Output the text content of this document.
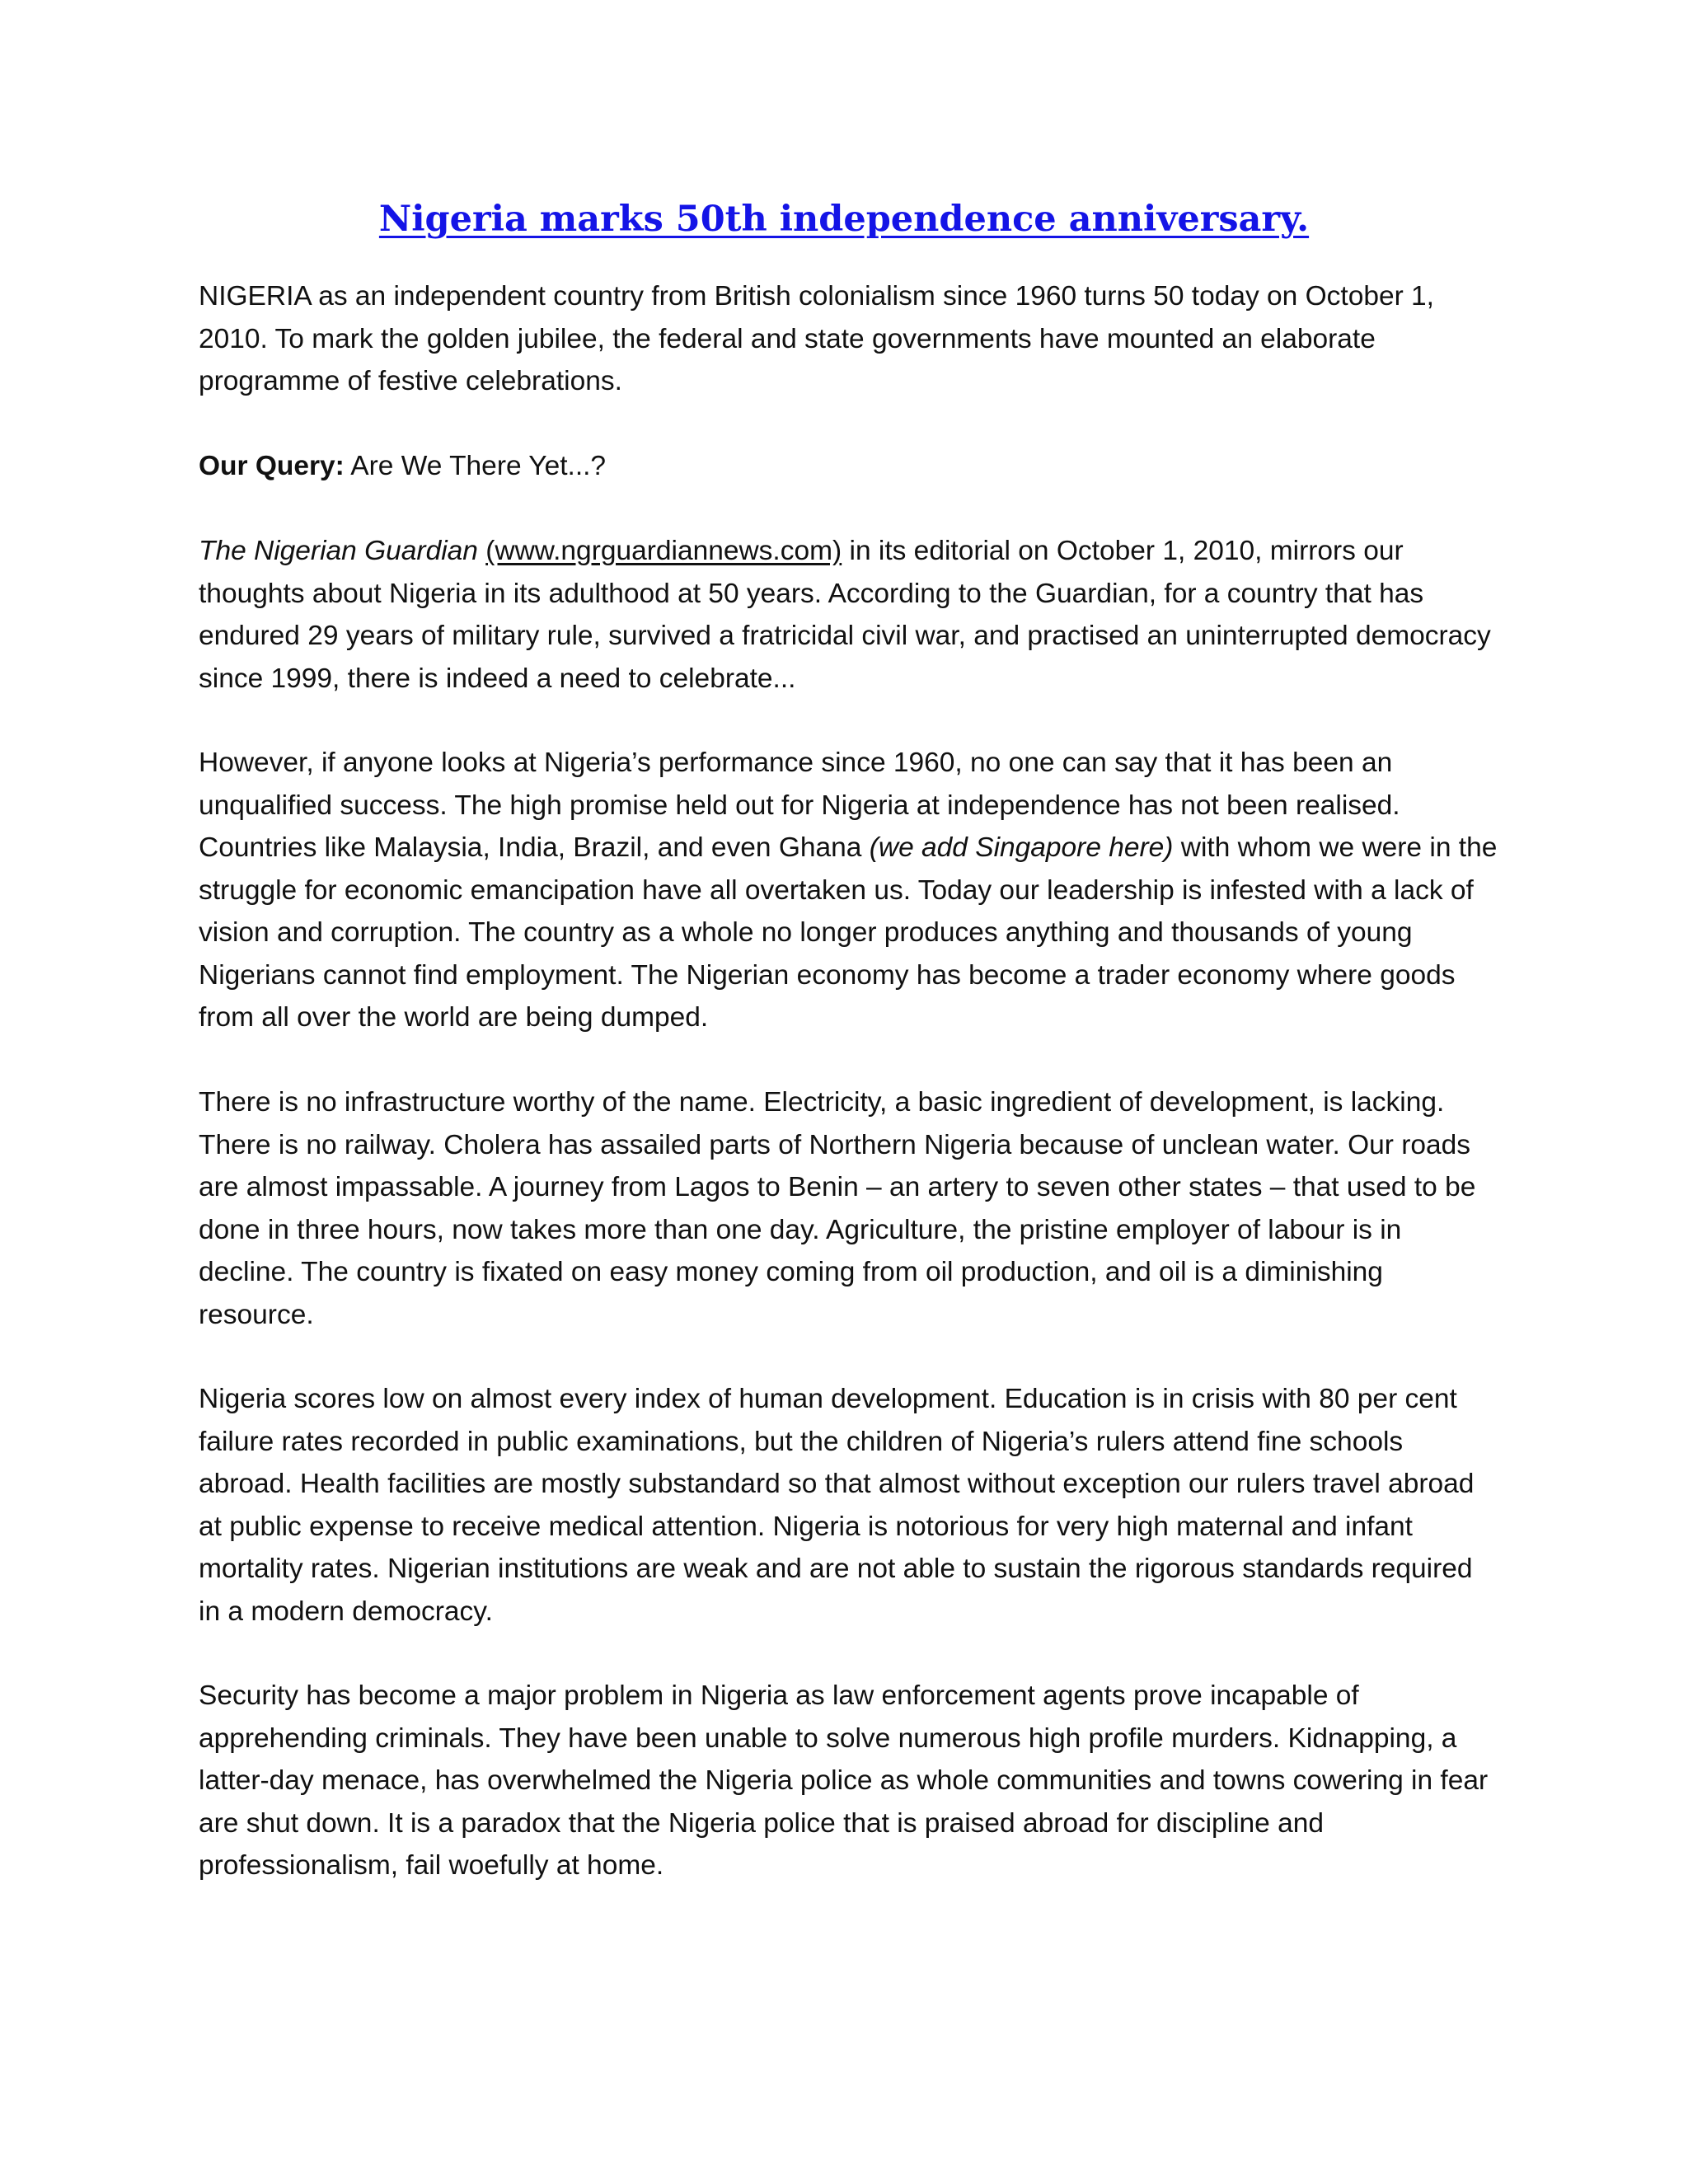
Nigeria marks 50th independence anniversary.

NIGERIA as an independent country from British colonialism since 1960 turns 50 today on October 1, 2010. To mark the golden jubilee, the federal and state governments have mounted an elaborate programme of festive celebrations.

Our Query: Are We There Yet...?

The Nigerian Guardian (www.ngrguardiannews.com) in its editorial on October 1, 2010, mirrors our thoughts about Nigeria in its adulthood at 50 years. According to the Guardian, for a country that has endured 29 years of military rule, survived a fratricidal civil war, and practised an uninterrupted democracy since 1999, there is indeed a need to celebrate...

However, if anyone looks at Nigeria’s performance since 1960, no one can say that it has been an unqualified success. The high promise held out for Nigeria at independence has not been realised. Countries like Malaysia, India, Brazil, and even Ghana (we add Singapore here) with whom we were in the struggle for economic emancipation have all overtaken us. Today our leadership is infested with a lack of vision and corruption. The country as a whole no longer produces anything and thousands of young Nigerians cannot find employment. The Nigerian economy has become a trader economy where goods from all over the world are being dumped.

There is no infrastructure worthy of the name. Electricity, a basic ingredient of development, is lacking. There is no railway. Cholera has assailed parts of Northern Nigeria because of unclean water. Our roads are almost impassable. A journey from Lagos to Benin – an artery to seven other states – that used to be done in three hours, now takes more than one day. Agriculture, the pristine employer of labour is in decline. The country is fixated on easy money coming from oil production, and oil is a diminishing resource.

Nigeria scores low on almost every index of human development. Education is in crisis with 80 per cent failure rates recorded in public examinations, but the children of Nigeria’s rulers attend fine schools abroad. Health facilities are mostly substandard so that almost without exception our rulers travel abroad at public expense to receive medical attention. Nigeria is notorious for very high maternal and infant mortality rates. Nigerian institutions are weak and are not able to sustain the rigorous standards required in a modern democracy.

Security has become a major problem in Nigeria as law enforcement agents prove incapable of apprehending criminals. They have been unable to solve numerous high profile murders. Kidnapping, a latter-day menace, has overwhelmed the Nigeria police as whole communities and towns cowering in fear are shut down. It is a paradox that the Nigeria police that is praised abroad for discipline and professionalism, fail woefully at home.
